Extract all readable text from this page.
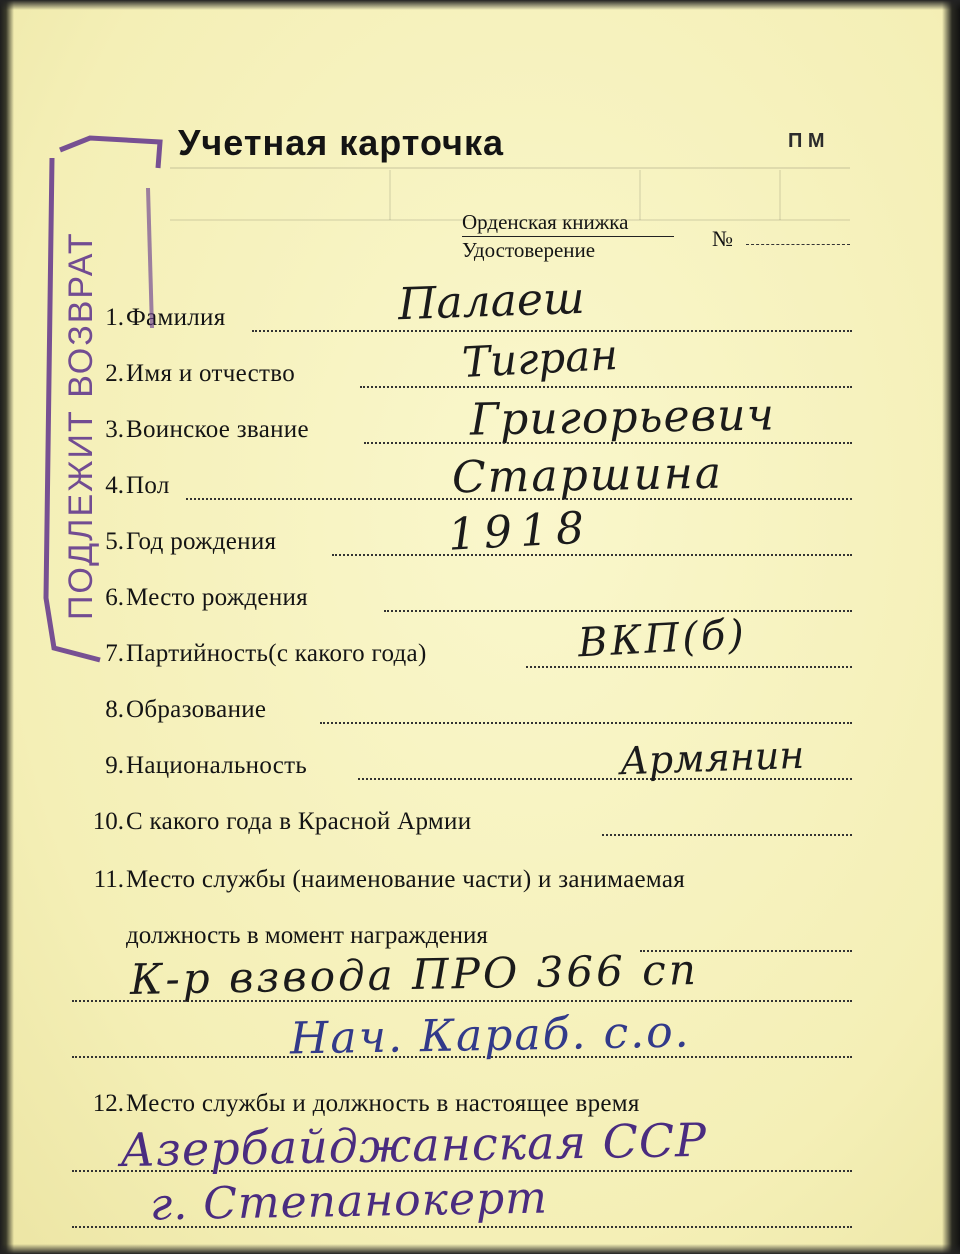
Учетная карточка	П М
Орденская книжка
Удостоверение	№
1. Фамилия
2. Имя и отчество
3. Воинское звание
4. Пол
5. Год рождения
6. Место рождения
7. Партийность(с какого года)
8. Образование
9. Национальность
10. С какого года в Красной Армии
11. Место службы (наименование части) и занимаемая
должность в момент награждения
12. Место службы и должность в настоящее время
Палаеш
Тигран
Григорьевич
Старшина
1918
ВКП(б)
Армянин
К-р взвода ПРО 366 сп
Нач. Караб. с.о.
Азербайджанская ССР
г. Степанокерт
ПОДЛЕЖИТ ВОЗВРАТ
